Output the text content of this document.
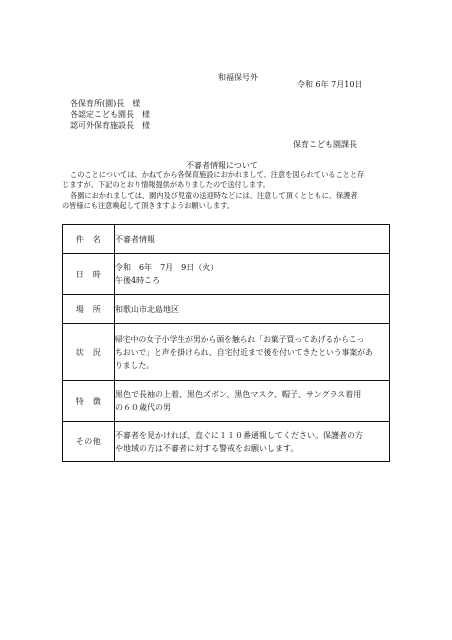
和福保号外
令和 6年 7月10日
各保育所(園)長　様
各認定こども園長　様
認可外保育施設長　様
保育こども園課長
不審者情報について

このことについては、かねてから各保育施設におかれまして、注意を図られていることと存

じますが、下記のとおり情報提供がありましたので送付します。

各園におかれましては、園内及び児童の送迎時などには、注意して頂くとともに、保護者

の皆様にも注意喚起して頂きますようお願いします。

件　名	不審者情報

日　時	令和　6年　7月　9日（火）
午後4時ころ

場　所	和歌山市北島地区

状　況	帰宅中の女子小学生が男から頭を触られ「お菓子買ってあげるからこっ
ちおいで」と声を掛けられ、自宅付近まで後を付いてきたという事案があ
りました。

特　徴	黒色で長袖の上着、黒色ズボン、黒色マスク、帽子、サングラス着用
の６０歳代の男

その他	不審者を見かければ、直ぐに１１０番通報してください。保護者の方
や地域の方は不審者に対する警戒をお願いします。
